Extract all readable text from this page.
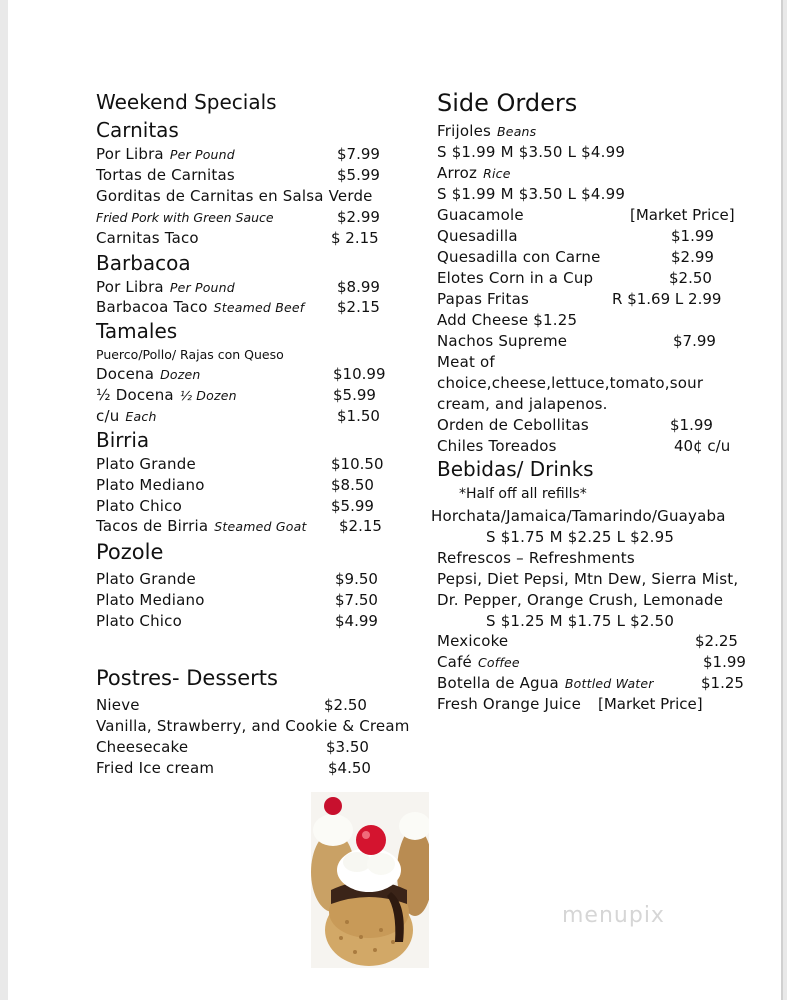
Weekend Specials
Carnitas
Por Libra Per Pound	$7.99
Tortas de Carnitas	$5.99
Gorditas de Carnitas en Salsa Verde
Fried Pork with Green Sauce	$2.99
Carnitas Taco	$ 2.15
Barbacoa
Por Libra Per Pound	$8.99
Barbacoa Taco Steamed Beef $2.15
Tamales
Puerco/Pollo/ Rajas con Queso
Docena Dozen	$10.99
½ Docena ½ Dozen	$5.99
c/u Each	$1.50
Birria
Plato Grande	$10.50
Plato Mediano	$8.50
Plato Chico	$5.99
Tacos de Birria Steamed Goat $2.15
Pozole
Plato Grande	$9.50
Plato Mediano	$7.50
Plato Chico	$4.99
Postres- Desserts
Nieve	$2.50
Vanilla, Strawberry, and Cookie & Cream
Cheesecake	$3.50
Fried Ice cream	$4.50
Side Orders
Frijoles Beans
S $1.99 M $3.50 L $4.99
Arroz Rice
S $1.99 M $3.50 L $4.99
Guacamole	[Market Price]
Quesadilla	$1.99
Quesadilla con Carne	$2.99
Elotes Corn in a Cup	$2.50
Papas Fritas	R $1.69 L 2.99
Add Cheese $1.25
Nachos Supreme	$7.99
Meat of
choice,cheese,lettuce,tomato,sour
cream, and jalapenos.
Orden de Cebollitas	$1.99
Chiles Toreados	40¢ c/u
Bebidas/ Drinks
*Half off all refills*
Horchata/Jamaica/Tamarindo/Guayaba
S $1.75 M $2.25 L $2.95
Refrescos – Refreshments
Pepsi, Diet Pepsi, Mtn Dew, Sierra Mist,
Dr. Pepper, Orange Crush, Lemonade
S $1.25 M $1.75 L $2.50
Mexicoke	$2.25
Café Coffee	$1.99
Botella de Agua Bottled Water	$1.25
Fresh Orange Juice [Market Price]
menupix
